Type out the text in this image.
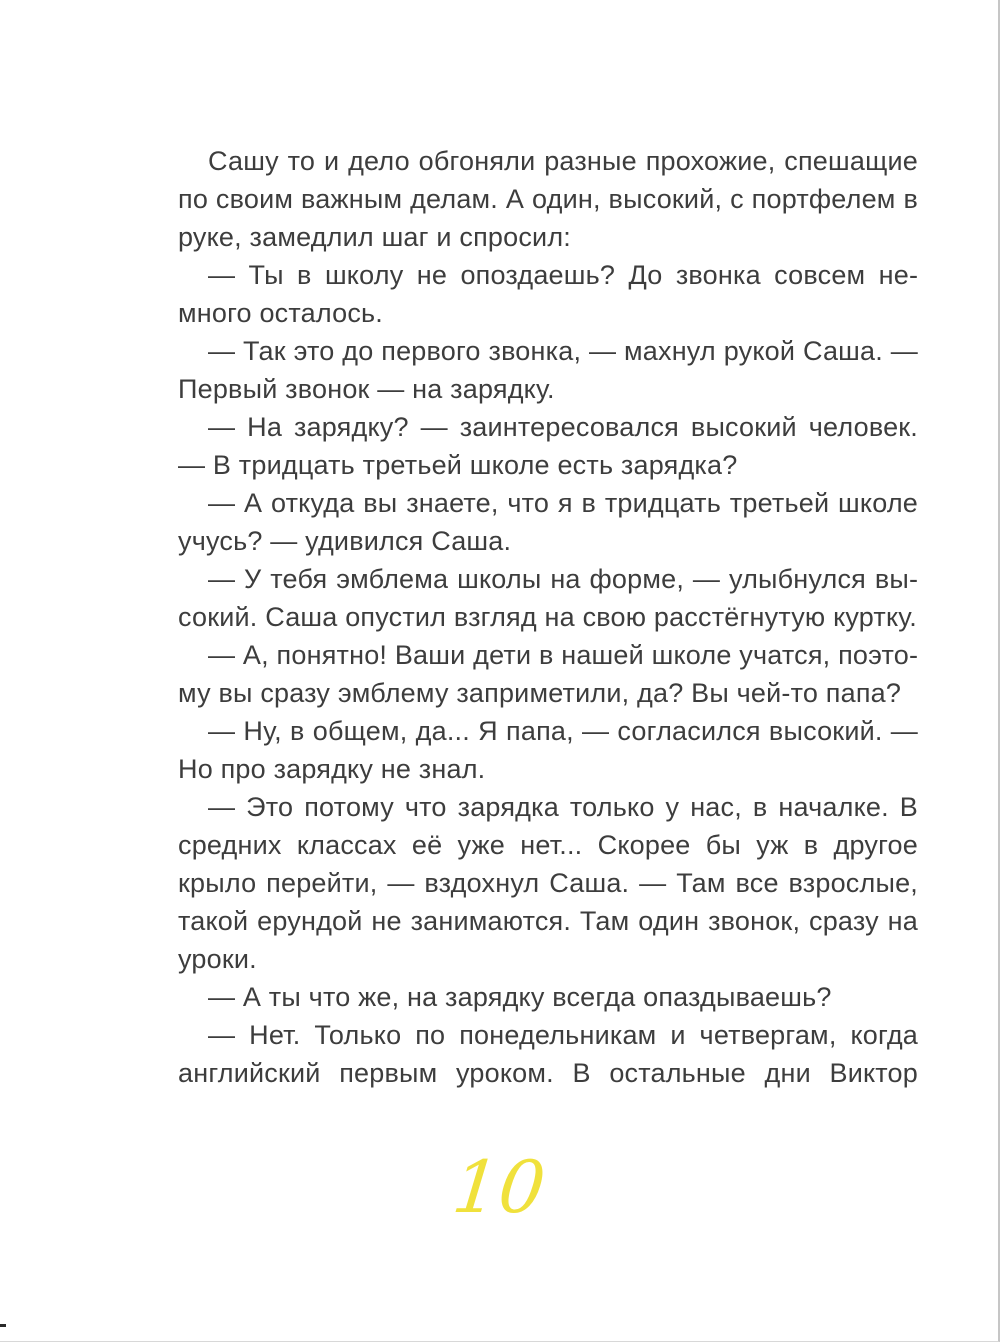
Сашу то и дело обгоняли разные прохожие, спешащие по своим важным делам. А один, высокий, с портфелем в руке, замедлил шаг и спросил:

— Ты в школу не опоздаешь? До звонка совсем немного осталось.

— Так это до первого звонка, — махнул рукой Саша. — Первый звонок — на зарядку.

— На зарядку? — заинтересовался высокий человек. — В тридцать третьей школе есть зарядка?

— А откуда вы знаете, что я в тридцать третьей школе учусь? — удивился Саша.

— У тебя эмблема школы на форме, — улыбнулся высокий. Саша опустил взгляд на свою расстёгнутую куртку.

— А, понятно! Ваши дети в нашей школе учатся, поэтому вы сразу эмблему заприметили, да? Вы чей-то папа?

— Ну, в общем, да... Я папа, — согласился высокий. — Но про зарядку не знал.

— Это потому что зарядка только у нас, в началке. В средних классах её уже нет... Скорее бы уж в другое крыло перейти, — вздохнул Саша. — Там все взрослые, такой ерундой не занимаются. Там один звонок, сразу на уроки.

— А ты что же, на зарядку всегда опаздываешь?

— Нет. Только по понедельникам и четвергам, когда английский первым уроком. В остальные дни Виктор

10
